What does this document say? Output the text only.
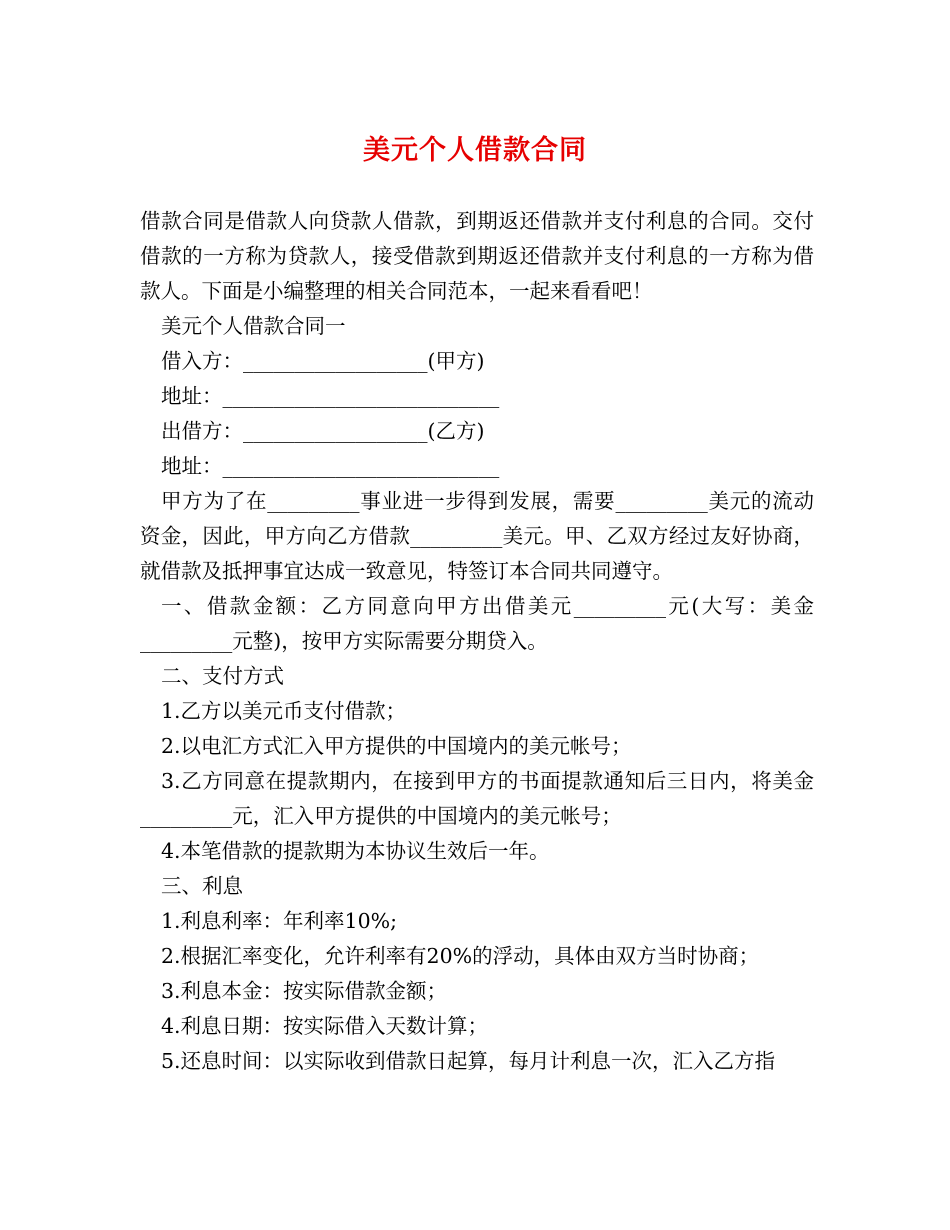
美元个人借款合同

借款合同是借款人向贷款人借款，到期返还借款并支付利息的合同。交付借款的一方称为贷款人，接受借款到期返还借款并支付利息的一方称为借款人。下面是小编整理的相关合同范本，一起来看看吧！

美元个人借款合同一

借入方：__________________(甲方)

地址：___________________________

出借方：__________________(乙方)

地址：___________________________

甲方为了在_________事业进一步得到发展，需要_________美元的流动资金，因此，甲方向乙方借款_________美元。甲、乙双方经过友好协商，就借款及抵押事宜达成一致意见，特签订本合同共同遵守。

一、借款金额：乙方同意向甲方出借美元_________元(大写：美金_________元整)，按甲方实际需要分期贷入。

二、支付方式

1.乙方以美元币支付借款；

2.以电汇方式汇入甲方提供的中国境内的美元帐号；

3.乙方同意在提款期内，在接到甲方的书面提款通知后三日内，将美金_________元，汇入甲方提供的中国境内的美元帐号；

4.本笔借款的提款期为本协议生效后一年。

三、利息

1.利息利率：年利率10%;

2.根据汇率变化，允许利率有20%的浮动，具体由双方当时协商；

3.利息本金：按实际借款金额；

4.利息日期：按实际借入天数计算；

5.还息时间：以实际收到借款日起算，每月计利息一次，汇入乙方指
